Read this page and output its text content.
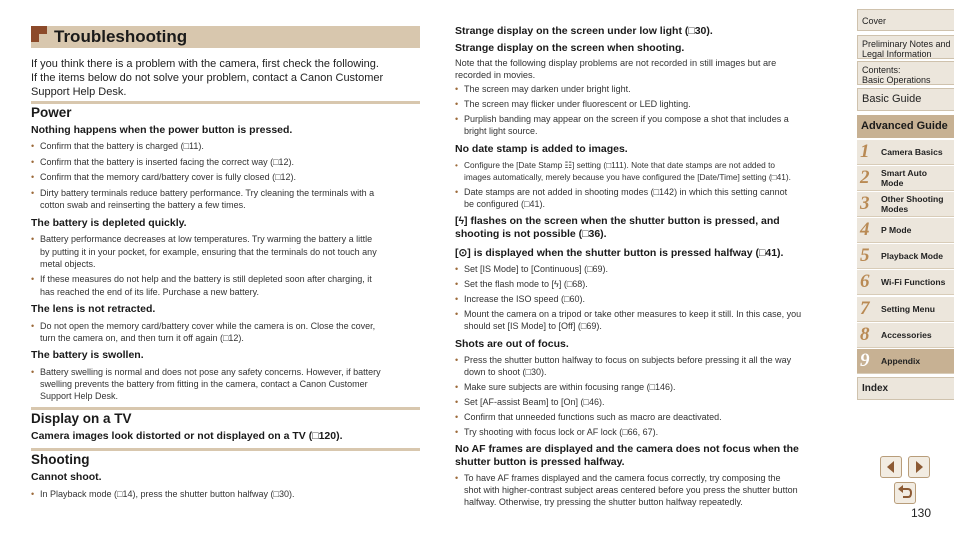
Troubleshooting
If you think there is a problem with the camera, first check the following.
If the items below do not solve your problem, contact a Canon Customer
Support Help Desk.
Power
Nothing happens when the power button is pressed.
• Confirm that the battery is charged (□11).
• Confirm that the battery is inserted facing the correct way (□12).
• Confirm that the memory card/battery cover is fully closed (□12).
• Dirty battery terminals reduce battery performance. Try cleaning the terminals with a
cotton swab and reinserting the battery a few times.
The battery is depleted quickly.
• Battery performance decreases at low temperatures. Try warming the battery a little
by putting it in your pocket, for example, ensuring that the terminals do not touch any
metal objects.
• If these measures do not help and the battery is still depleted soon after charging, it
has reached the end of its life. Purchase a new battery.
The lens is not retracted.
• Do not open the memory card/battery cover while the camera is on. Close the cover,
turn the camera on, and then turn it off again (□12).
The battery is swollen.
• Battery swelling is normal and does not pose any safety concerns. However, if battery
swelling prevents the battery from fitting in the camera, contact a Canon Customer
Support Help Desk.
Display on a TV
Camera images look distorted or not displayed on a TV (□120).
Shooting
Cannot shoot.
• In Playback mode (□14), press the shutter button halfway (□30).
Strange display on the screen under low light (□30).
Strange display on the screen when shooting.
Note that the following display problems are not recorded in still images but are
recorded in movies.
• The screen may darken under bright light.
• The screen may flicker under fluorescent or LED lighting.
• Purplish banding may appear on the screen if you compose a shot that includes a
bright light source.
No date stamp is added to images.
• Configure the [Date Stamp ☷] setting (□111). Note that date stamps are not added to
images automatically, merely because you have configured the [Date/Time] setting (□41).
• Date stamps are not added in shooting modes (□142) in which this setting cannot
be configured (□41).
[ϟ] flashes on the screen when the shutter button is pressed, and
shooting is not possible (□36).
[⊙] is displayed when the shutter button is pressed halfway (□41).
• Set [IS Mode] to [Continuous] (□69).
• Set the flash mode to [ϟ] (□68).
• Increase the ISO speed (□60).
• Mount the camera on a tripod or take other measures to keep it still. In this case, you
should set [IS Mode] to [Off] (□69).
Shots are out of focus.
• Press the shutter button halfway to focus on subjects before pressing it all the way
down to shoot (□30).
• Make sure subjects are within focusing range (□146).
• Set [AF-assist Beam] to [On] (□46).
• Confirm that unneeded functions such as macro are deactivated.
• Try shooting with focus lock or AF lock (□66, 67).
No AF frames are displayed and the camera does not focus when the
shutter button is pressed halfway.
• To have AF frames displayed and the camera focus correctly, try composing the
shot with higher-contrast subject areas centered before you press the shutter button
halfway. Otherwise, try pressing the shutter button halfway repeatedly.
Cover
Preliminary Notes and
Legal Information
Contents:
Basic Operations
Basic Guide
Advanced Guide
1 Camera Basics
2 Smart Auto
Mode
3 Other Shooting
Modes
4 P Mode
5 Playback Mode
6 Wi-Fi Functions
7 Setting Menu
8 Accessories
9 Appendix
Index
130
